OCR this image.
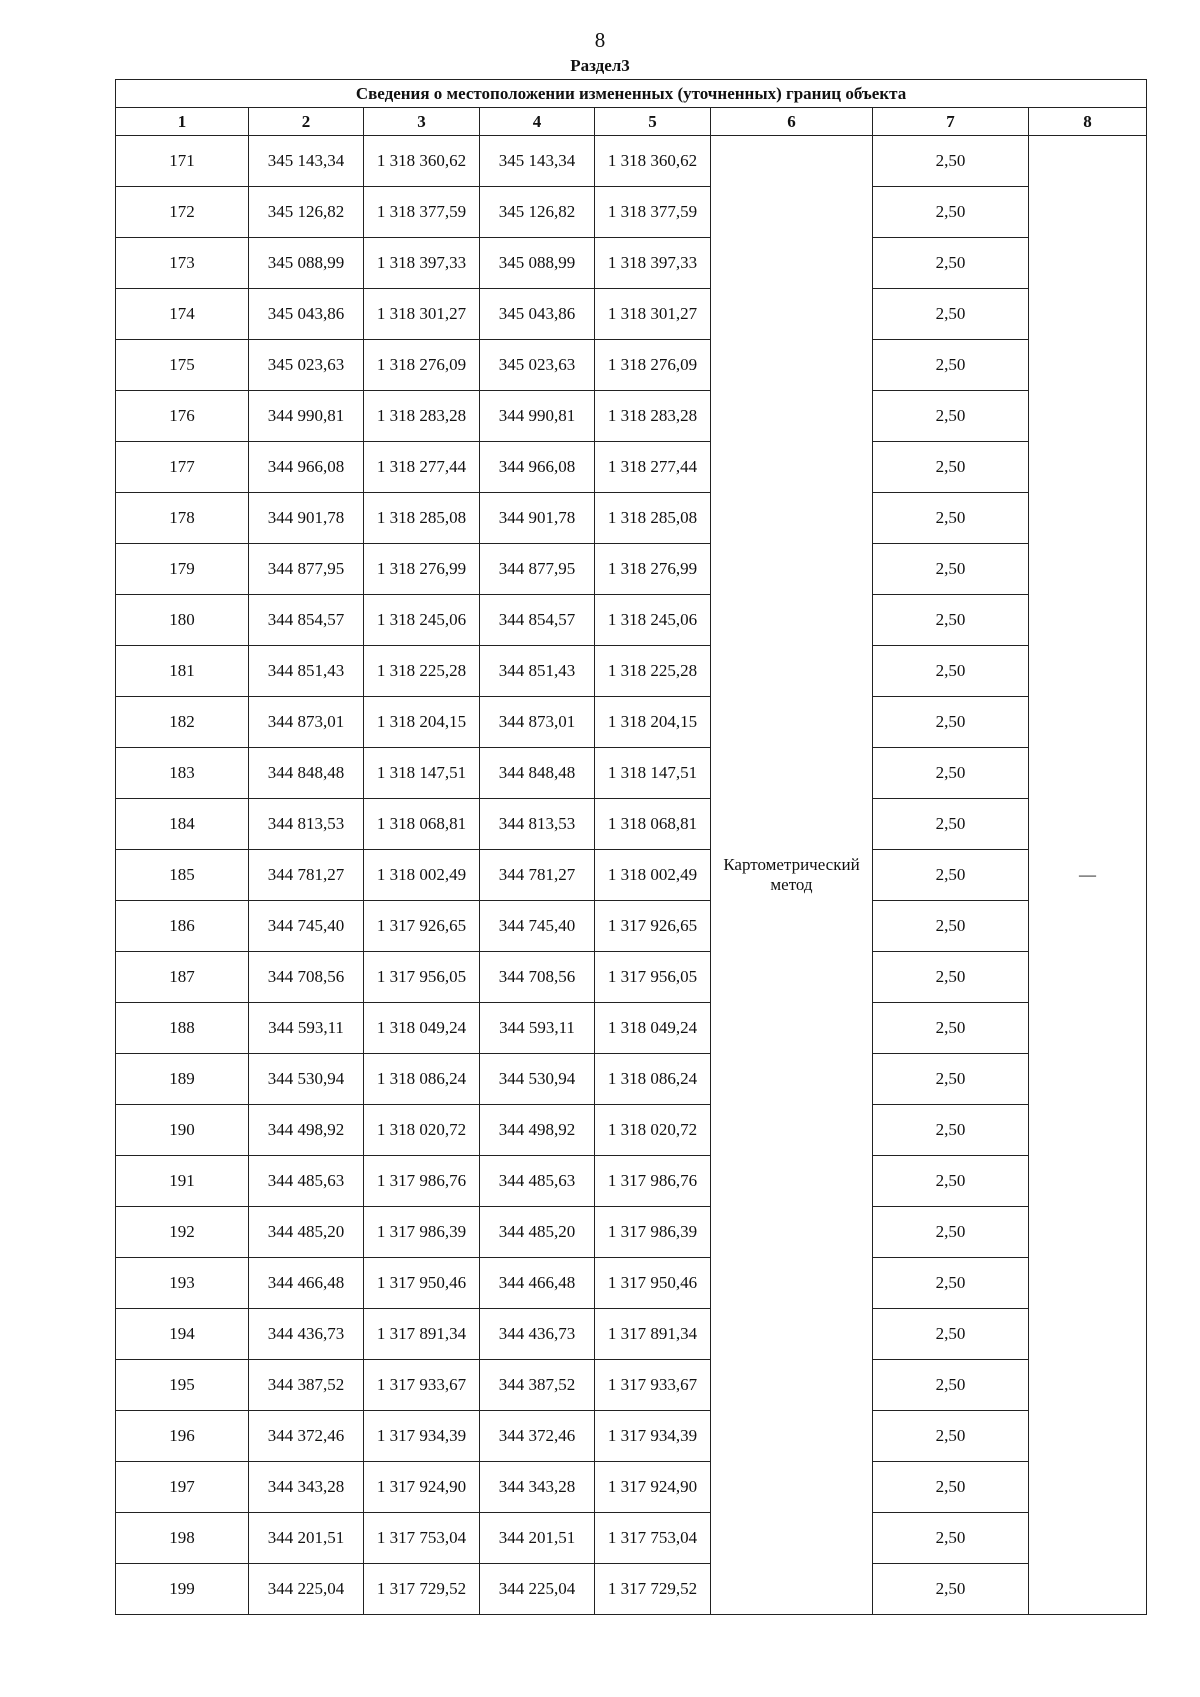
8
Раздел3
Сведения о местоположении измененных (уточненных) границ объекта							
1	2	3	4	5	6	7	8
171	345 143,34	1 318 360,62	345 143,34	1 318 360,62	Картометрический метод	2,50	—
172	345 126,82	1 318 377,59	345 126,82	1 318 377,59		2,50	
173	345 088,99	1 318 397,33	345 088,99	1 318 397,33		2,50	
174	345 043,86	1 318 301,27	345 043,86	1 318 301,27		2,50	
175	345 023,63	1 318 276,09	345 023,63	1 318 276,09		2,50	
176	344 990,81	1 318 283,28	344 990,81	1 318 283,28		2,50	
177	344 966,08	1 318 277,44	344 966,08	1 318 277,44		2,50	
178	344 901,78	1 318 285,08	344 901,78	1 318 285,08		2,50	
179	344 877,95	1 318 276,99	344 877,95	1 318 276,99		2,50	
180	344 854,57	1 318 245,06	344 854,57	1 318 245,06		2,50	
181	344 851,43	1 318 225,28	344 851,43	1 318 225,28		2,50	
182	344 873,01	1 318 204,15	344 873,01	1 318 204,15		2,50	
183	344 848,48	1 318 147,51	344 848,48	1 318 147,51		2,50	
184	344 813,53	1 318 068,81	344 813,53	1 318 068,81		2,50	
185	344 781,27	1 318 002,49	344 781,27	1 318 002,49		2,50	
186	344 745,40	1 317 926,65	344 745,40	1 317 926,65		2,50	
187	344 708,56	1 317 956,05	344 708,56	1 317 956,05		2,50	
188	344 593,11	1 318 049,24	344 593,11	1 318 049,24		2,50	
189	344 530,94	1 318 086,24	344 530,94	1 318 086,24		2,50	
190	344 498,92	1 318 020,72	344 498,92	1 318 020,72		2,50	
191	344 485,63	1 317 986,76	344 485,63	1 317 986,76		2,50	
192	344 485,20	1 317 986,39	344 485,20	1 317 986,39		2,50	
193	344 466,48	1 317 950,46	344 466,48	1 317 950,46		2,50	
194	344 436,73	1 317 891,34	344 436,73	1 317 891,34		2,50	
195	344 387,52	1 317 933,67	344 387,52	1 317 933,67		2,50	
196	344 372,46	1 317 934,39	344 372,46	1 317 934,39		2,50	
197	344 343,28	1 317 924,90	344 343,28	1 317 924,90		2,50	
198	344 201,51	1 317 753,04	344 201,51	1 317 753,04		2,50	
199	344 225,04	1 317 729,52	344 225,04	1 317 729,52		2,50	
